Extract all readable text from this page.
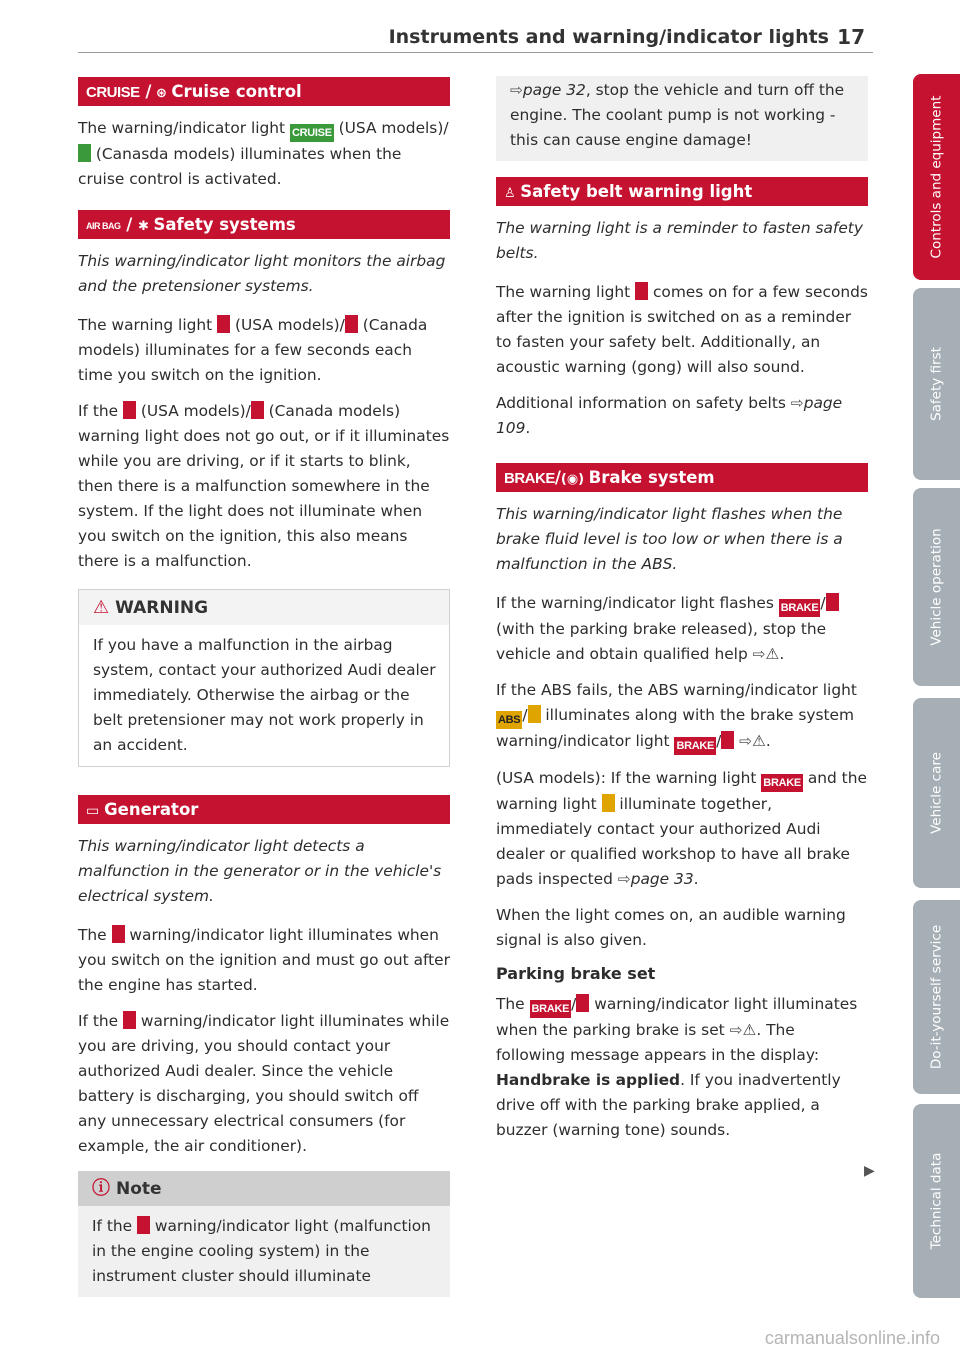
Instruments and warning/indicator lights 17
CRUISE / ⊛ Cruise control

The warning/indicator light CRUISE (USA models)/ (Canasda models) illuminates when the cruise control is activated.

AIR BAG / ✱ Safety systems

This warning/indicator light monitors the airbag and the pretensioner systems.

The warning light  (USA models)/ (Canada models) illuminates for a few seconds each time you switch on the ignition.

If the  (USA models)/ (Canada models) warning light does not go out, or if it illuminates while you are driving, or if it starts to blink, then there is a malfunction somewhere in the system. If the light does not illuminate when you switch on the ignition, this also means there is a malfunction.

⚠ WARNING

If you have a malfunction in the airbag system, contact your authorized Audi dealer immediately. Otherwise the airbag or the belt pretensioner may not work properly in an accident.

▭ Generator

This warning/indicator light detects a malfunction in the generator or in the vehicle's electrical system.

The  warning/indicator light illuminates when you switch on the ignition and must go out after the engine has started.

If the  warning/indicator light illuminates while you are driving, you should contact your authorized Audi dealer. Since the vehicle battery is discharging, you should switch off any unnecessary electrical consumers (for example, the air conditioner).

ⓘ Note

If the  warning/indicator light (malfunction in the engine cooling system) in the instrument cluster should illuminate

⇨page 32, stop the vehicle and turn off the engine. The coolant pump is not working - this can cause engine damage!

♙ Safety belt warning light

The warning light is a reminder to fasten safety belts.

The warning light  comes on for a few seconds after the ignition is switched on as a reminder to fasten your safety belt. Additionally, an acoustic warning (gong) will also sound.

Additional information on safety belts ⇨page 109.

BRAKE/(◉) Brake system

This warning/indicator light flashes when the brake fluid level is too low or when there is a malfunction in the ABS.

If the warning/indicator light flashes BRAKE / (with the parking brake released), stop the vehicle and obtain qualified help ⇨⚠.

If the ABS fails, the ABS warning/indicator light ABS / illuminates along with the brake system warning/indicator light BRAKE / ⇨⚠.

(USA models): If the warning light BRAKE and the warning light  illuminate together, immediately contact your authorized Audi dealer or qualified workshop to have all brake pads inspected ⇨page 33.

When the light comes on, an audible warning signal is also given.

Parking brake set

The BRAKE / warning/indicator light illuminates when the parking brake is set ⇨⚠. The following message appears in the display: Handbrake is applied. If you inadvertently drive off with the parking brake applied, a buzzer (warning tone) sounds.

▶
Controls and equipment
Safety first
Vehicle operation
Vehicle care
Do-it-yourself service
Technical data
carmanualsonline.info
